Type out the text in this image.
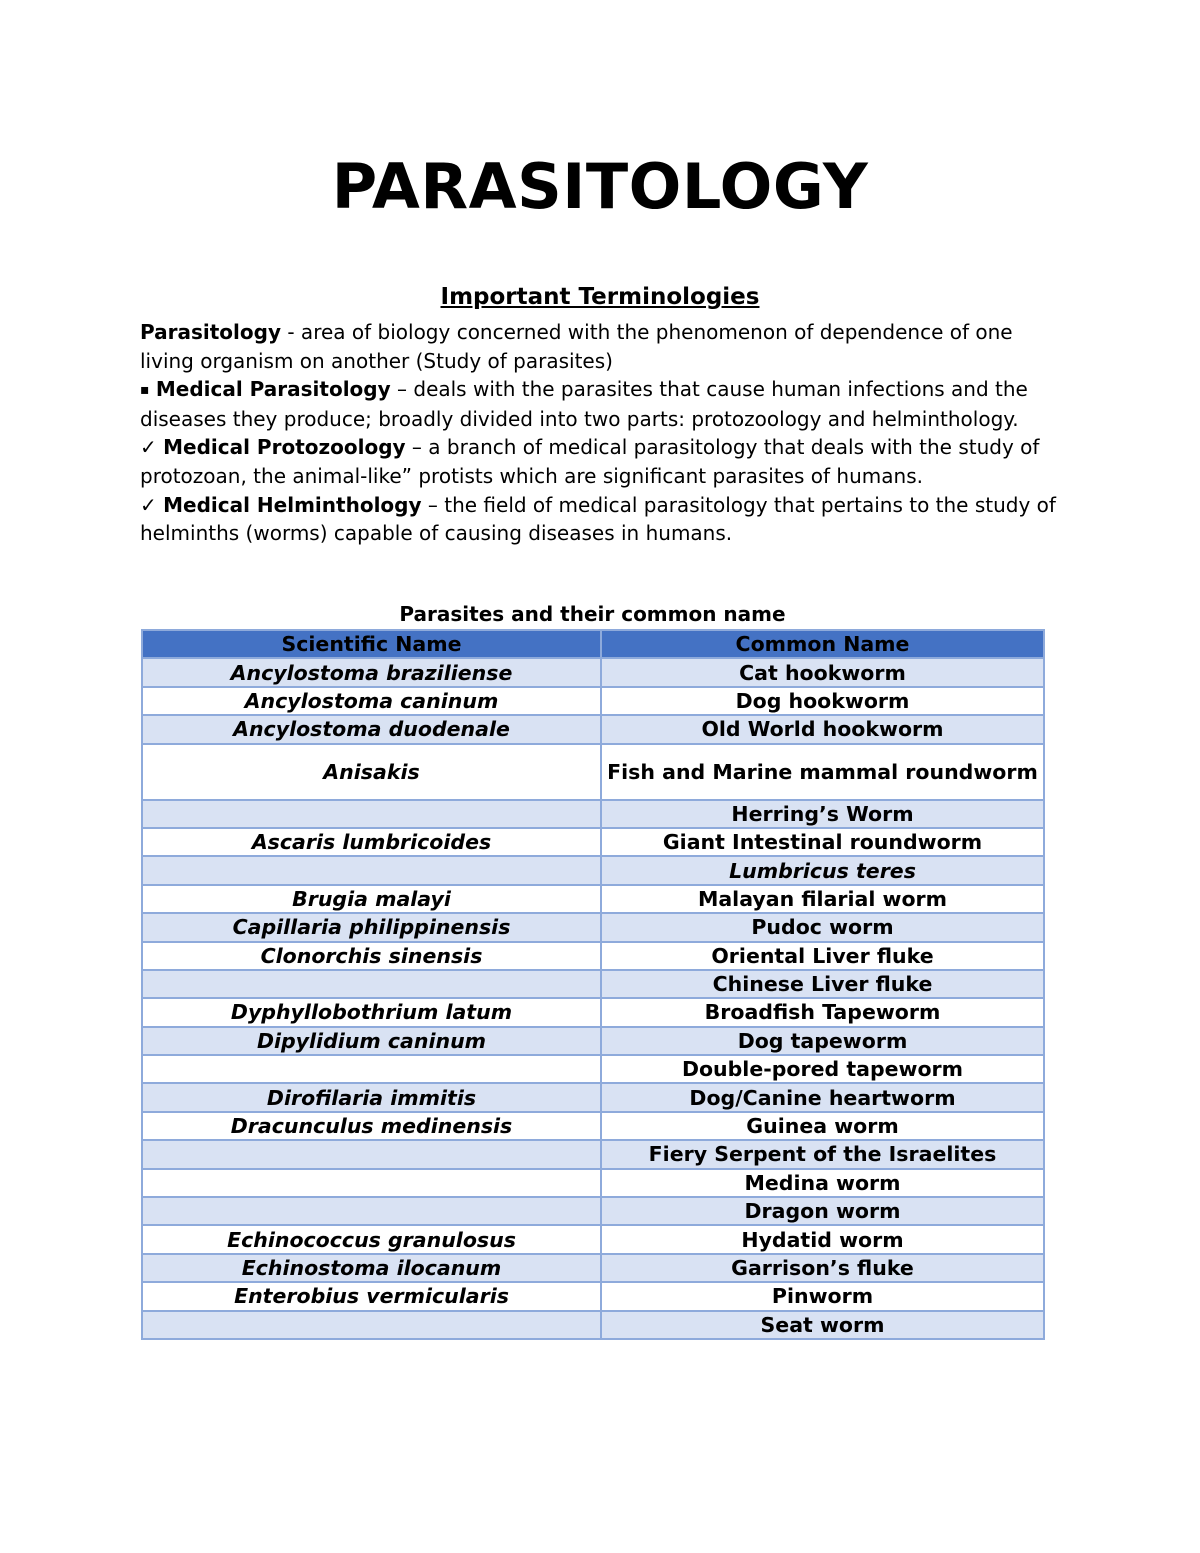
PARASITOLOGY
Important Terminologies

Parasitology - area of biology concerned with the phenomenon of dependence of one living organism on another (Study of parasites)

▪ Medical Parasitology – deals with the parasites that cause human infections and the

diseases they produce; broadly divided into two parts: protozoology and helminthology.

✓ Medical Protozoology – a branch of medical parasitology that deals with the study of protozoan, the animal-like” protists which are significant parasites of humans.

✓ Medical Helminthology – the field of medical parasitology that pertains to the study of helminths (worms) capable of causing diseases in humans.

Parasites and their common name
Scientific Name	Common Name
Ancylostoma braziliense	Cat hookworm
Ancylostoma caninum	Dog hookworm
Ancylostoma duodenale	Old World hookworm
Anisakis	Fish and Marine mammal roundworm
	Herring’s Worm
Ascaris lumbricoides	Giant Intestinal roundworm
	Lumbricus teres
Brugia malayi	Malayan filarial worm
Capillaria philippinensis	Pudoc worm
Clonorchis sinensis	Oriental Liver fluke
	Chinese Liver fluke
Dyphyllobothrium latum	Broadfish Tapeworm
Dipylidium caninum	Dog tapeworm
	Double-pored tapeworm
Dirofilaria immitis	Dog/Canine heartworm
Dracunculus medinensis	Guinea worm
	Fiery Serpent of the Israelites
	Medina worm
	Dragon worm
Echinococcus granulosus	Hydatid worm
Echinostoma ilocanum	Garrison’s fluke
Enterobius vermicularis	Pinworm
	Seat worm
